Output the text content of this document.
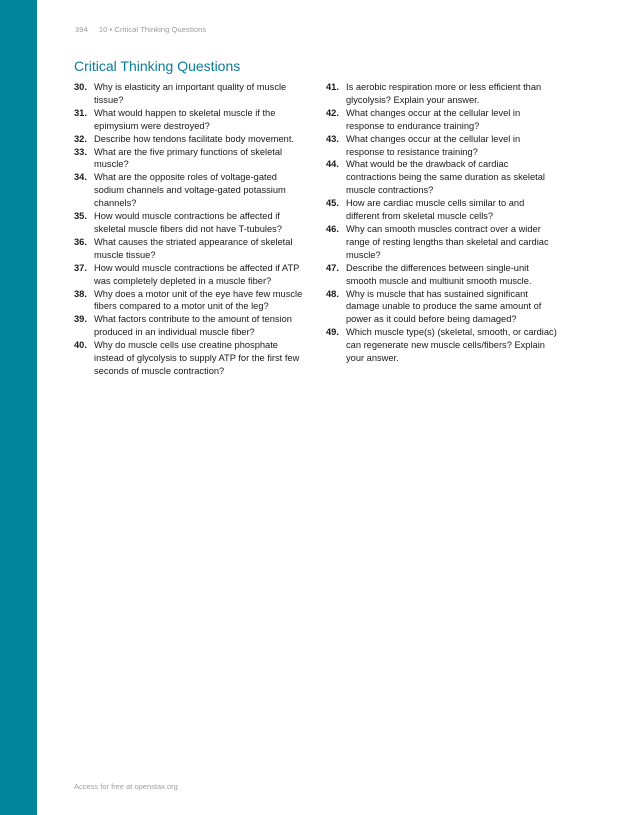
394 10 • Critical Thinking Questions
Critical Thinking Questions
30. Why is elasticity an important quality of muscle tissue?
31. What would happen to skeletal muscle if the epimysium were destroyed?
32. Describe how tendons facilitate body movement.
33. What are the five primary functions of skeletal muscle?
34. What are the opposite roles of voltage-gated sodium channels and voltage-gated potassium channels?
35. How would muscle contractions be affected if skeletal muscle fibers did not have T-tubules?
36. What causes the striated appearance of skeletal muscle tissue?
37. How would muscle contractions be affected if ATP was completely depleted in a muscle fiber?
38. Why does a motor unit of the eye have few muscle fibers compared to a motor unit of the leg?
39. What factors contribute to the amount of tension produced in an individual muscle fiber?
40. Why do muscle cells use creatine phosphate instead of glycolysis to supply ATP for the first few seconds of muscle contraction?
41. Is aerobic respiration more or less efficient than glycolysis? Explain your answer.
42. What changes occur at the cellular level in response to endurance training?
43. What changes occur at the cellular level in response to resistance training?
44. What would be the drawback of cardiac contractions being the same duration as skeletal muscle contractions?
45. How are cardiac muscle cells similar to and different from skeletal muscle cells?
46. Why can smooth muscles contract over a wider range of resting lengths than skeletal and cardiac muscle?
47. Describe the differences between single-unit smooth muscle and multiunit smooth muscle.
48. Why is muscle that has sustained significant damage unable to produce the same amount of power as it could before being damaged?
49. Which muscle type(s) (skeletal, smooth, or cardiac) can regenerate new muscle cells/fibers? Explain your answer.
Access for free at openstax.org
